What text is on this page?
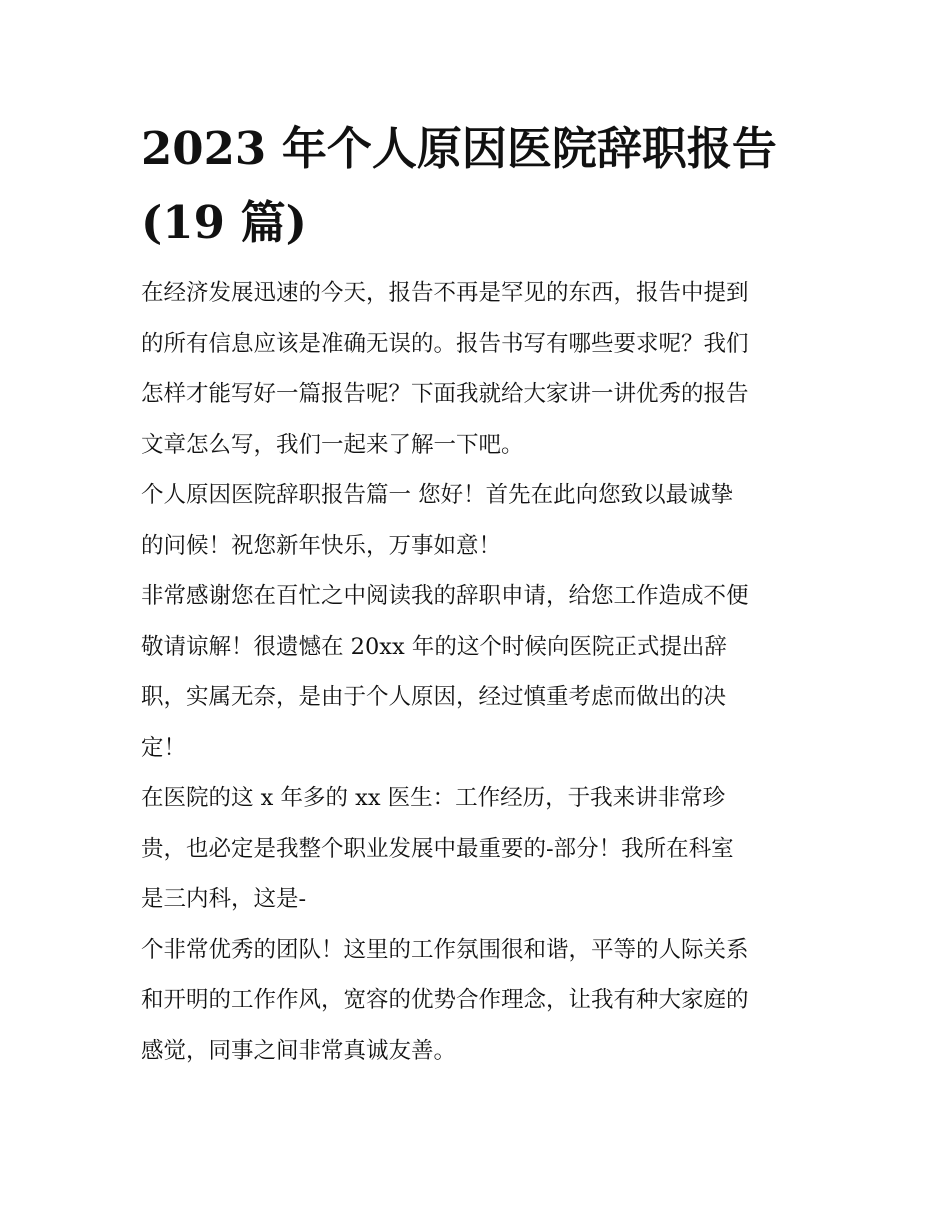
2023 年个人原因医院辞职报告
(19 篇)

在经济发展迅速的今天，报告不再是罕见的东西，报告中提到
的所有信息应该是准确无误的。报告书写有哪些要求呢？我们
怎样才能写好一篇报告呢？下面我就给大家讲一讲优秀的报告
文章怎么写，我们一起来了解一下吧。

个人原因医院辞职报告篇一 您好！首先在此向您致以最诚挚
的问候！祝您新年快乐，万事如意！

非常感谢您在百忙之中阅读我的辞职申请，给您工作造成不便
敬请谅解！很遗憾在 20xx 年的这个时候向医院正式提出辞
职，实属无奈，是由于个人原因，经过慎重考虑而做出的决
定！

在医院的这 x 年多的 xx 医生：工作经历，于我来讲非常珍
贵，也必定是我整个职业发展中最重要的-部分！我所在科室
是三内科，这是-

个非常优秀的团队！这里的工作氛围很和谐，平等的人际关系
和开明的工作作风，宽容的优势合作理念，让我有种大家庭的
感觉，同事之间非常真诚友善。
